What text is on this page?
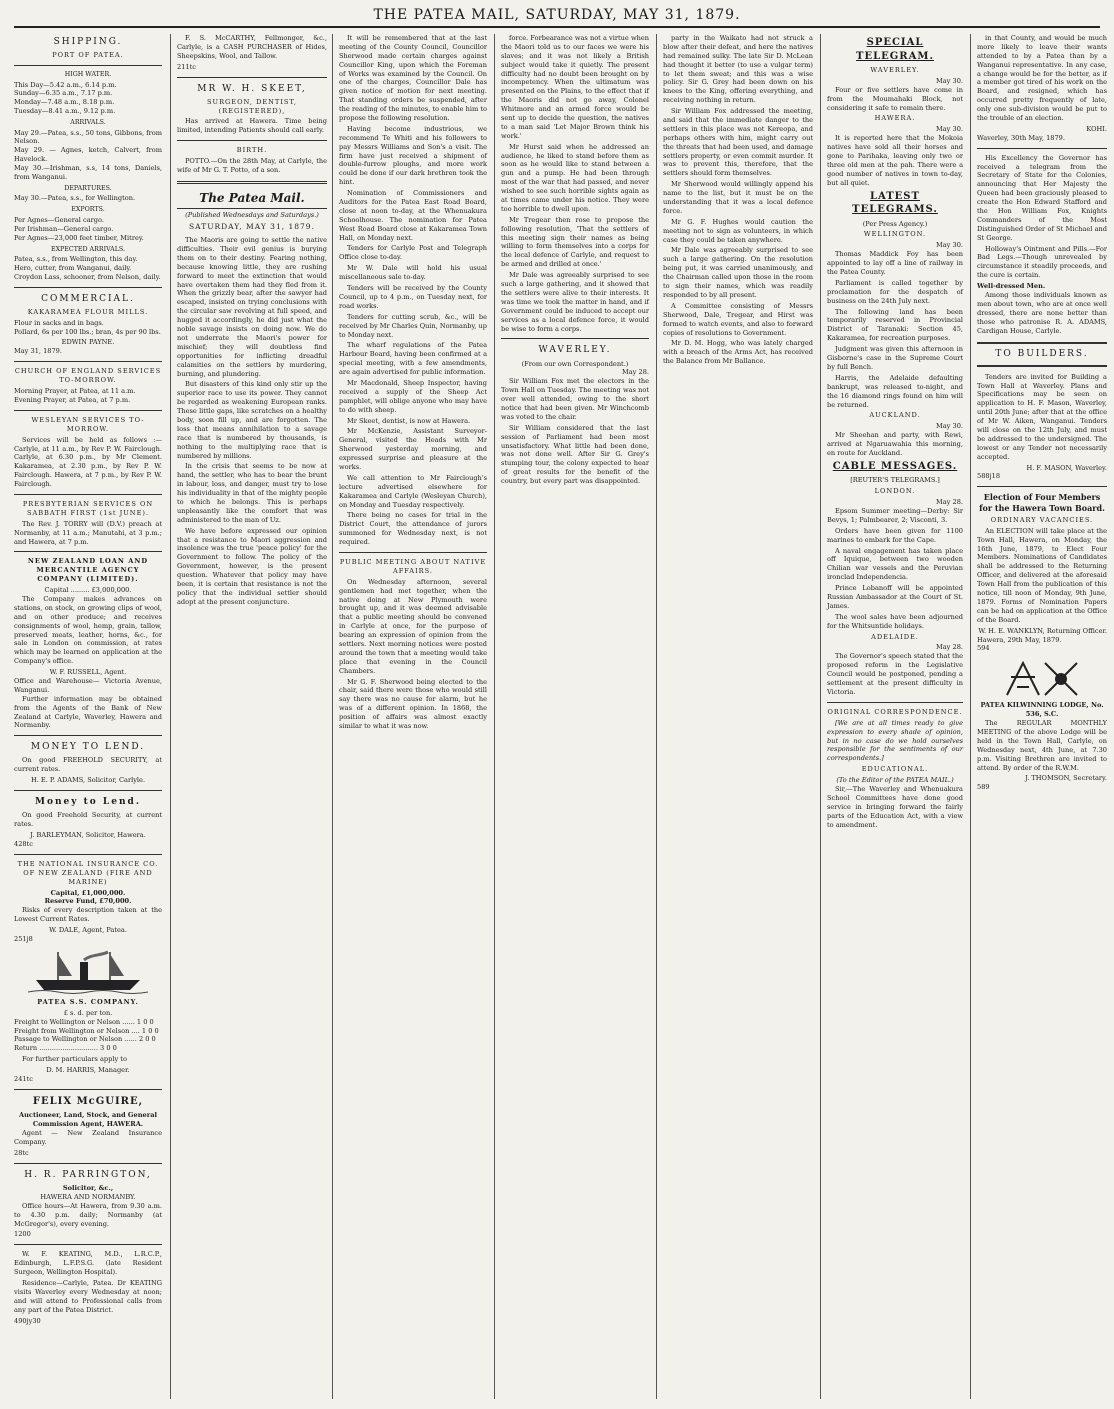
THE PATEA MAIL, SATURDAY, MAY 31, 1879.
SHIPPING.
PORT OF PATEA.
HIGH WATER.

This Day—5.42 a.m., 6.14 p.m.
Sunday—6.35 a.m., 7.17 p.m.
Monday—7.48 a.m., 8.18 p.m.
Tuesday—8.41 a.m., 9.12 p.m.

ARRIVALS.

May 29.—Patea, s.s., 50 tons, Gibbons, from Nelson.
May 29. — Agnes, ketch, Calvert, from Havelock.
May 30.—Irishman, s.s, 14 tons, Daniels, from Wanganui.

DEPARTURES.

May 30.—Patea, s.s., for Wellington.

EXPORTS.

Per Agnes—General cargo.
Per Irishman—General cargo.
Per Agnes—23,000 feet timber, Mitrey.

EXPECTED ARRIVALS.

Patea, s.s., from Wellington, this day.
Hero, cutter, from Wanganui, daily.
Croydon Lass, schooner, from Nelson, daily.

COMMERCIAL.
KAKARAMEA FLOUR MILLS.

Flour in sacks and in bags.
Pollard, 6s per 100 lbs.; bran, 4s per 90 lbs.

EDWIN PAYNE.
May 31, 1879.
CHURCH OF ENGLAND SERVICES TO-MORROW.

Morning Prayer, at Patea, at 11 a.m.
Evening Prayer, at Patea, at 7 p.m.

WESLEYAN SERVICES TO-MORROW.

Services will be held as follows :— Carlyle, at 11 a.m., by Rev P. W. Fairclough. Carlyle, at 6.30 p.m., by Mr Clement. Kakaramea, at 2.30 p.m., by Rev P. W. Fairclough. Hawera, at 7 p.m., by Rev P. W. Fairclough.

PRESBYTERIAN SERVICES ON SABBATH FIRST (1st JUNE).

The Rev. J. TORRY will (D.V.) preach at Normanby, at 11 a.m.; Manutahi, at 3 p.m.; and Hawera, at 7 p.m.

NEW ZEALAND LOAN AND MERCANTILE AGENCY COMPANY (LIMITED).
Capital ......... £3,000,000.

The Company makes advances on stations, on stock, on growing clips of wool, and on other produce; and receives consignments of wool, hemp, grain, tallow, preserved meats, leather, horns, &c., for sale in London on commission, at rates which may be learned on application at the Company's office.

W. F. RUSSELL, Agent.
Office and Warehouse— Victoria Avenue, Wanganui.

Further information may be obtained from the Agents of the Bank of New Zealand at Carlyle, Waverley, Hawera and Normanby.

MONEY TO LEND.

On good FREEHOLD SECURITY, at current rates.

H. E. P. ADAMS, Solicitor, Carlyle.
Money to Lend.

On good Freehold Security, at current rates.

J. BARLEYMAN, Solicitor, Hawera.
428tc
THE NATIONAL INSURANCE CO. OF NEW ZEALAND (FIRE AND MARINE)
Capital, £1,000,000.
Reserve Fund, £70,000.

Risks of every description taken at the Lowest Current Rates.

W. DALE, Agent, Patea.
251j8
PATEA S.S. COMPANY.
£ s. d. per ton.

Freight to Wellington or Nelson ...... 1 0 0
Freight from Wellington or Nelson .... 1 0 0
Passage to Wellington or Nelson ...... 2 0 0
Return ............................ 3 0 0

For further particulars apply to

D. M. HARRIS, Manager.
241tc
FELIX McGUIRE,
Auctioneer, Land, Stock, and General Commission Agent, HAWERA.

Agent — New Zealand Insurance Company.

28tc
H. R. PARRINGTON,
Solicitor, &c.,
HAWERA AND NORMANBY.

Office hours—At Hawera, from 9.30 a.m. to 4.30 p.m. daily; Normanby (at McGregor's), every evening.

1200

W. F. KEATING, M.D., L.R.C.P., Edinburgh, L.F.P.S.G. (late Resident Surgeon, Wellington Hospital).

Residence—Carlyle, Patea. Dr KEATING visits Waverley every Wednesday at noon; and will attend to Professional calls from any part of the Patea District.

490jy30

F. S. McCARTHY, Fellmonger, &c., Carlyle, is a CASH PURCHASER of Hides, Sheepskins, Wool, and Tallow.

211tc
MR W. H. SKEET,
SURGEON, DENTIST, (REGISTERED),

Has arrived at Hawera. Time being limited, intending Patients should call early.

BIRTH.

POTTO.—On the 28th May, at Carlyle, the wife of Mr G. T. Potto, of a son.

The Patea Mail.
(Published Wednesdays and Saturdays.)
SATURDAY, MAY 31, 1879.

The Maoris are going to settle the native difficulties. Their evil genius is burying them on to their destiny. Fearing nothing, because knowing little, they are rushing forward to meet the extinction that would have overtaken them had they fled from it. When the grizzly bear, after the sawyer had escaped, insisted on trying conclusions with the circular saw revolving at full speed, and hugged it accordingly, he did just what the noble savage insists on doing now. We do not underrate the Maori's power for mischief; they will doubtless find opportunities for inflicting dreadful calamities on the settlers by murdering, burning, and plundering.

But disasters of this kind only stir up the superior race to use its power. They cannot be regarded as weakening European ranks. These little gaps, like scratches on a healthy body, soon fill up, and are forgotten. The loss that means annihilation to a savage race that is numbered by thousands, is nothing to the multiplying race that is numbered by millions.

In the crisis that seems to be now at hand, the settler, who has to bear the brunt in labour, loss, and danger, must try to lose his individuality in that of the mighty people to which he belongs. This is perhaps unpleasantly like the comfort that was administered to the man of Uz.

We have before expressed our opinion that a resistance to Maori aggression and insolence was the true 'peace policy' for the Government to follow. The policy of the Government, however, is the present question. Whatever that policy may have been, it is certain that resistance is not the policy that the individual settler should adopt at the present conjuncture.

It will be remembered that at the last meeting of the County Council, Councillor Sherwood made certain charges against Councillor King, upon which the Foreman of Works was examined by the Council. On one of the charges, Councillor Dale has given notice of motion for next meeting. That standing orders be suspended, after the reading of the minutes, to enable him to propose the following resolution.

Having become industrious, we recommend Te Whiti and his followers to pay Messrs Williams and Son's a visit. The firm have just received a shipment of double-furrow ploughs, and more work could be done if our dark brethren took the hint.

Nomination of Commissioners and Auditors for the Patea East Road Board, close at noon to-day, at the Whenuakura Schoolhouse. The nomination for Patea West Road Board close at Kakaramea Town Hall, on Monday next.

Tenders for Carlyle Post and Telegraph Office close to-day.

Mr W. Dale will hold his usual miscellaneous sale to-day.

Tenders will be received by the County Council, up to 4 p.m., on Tuesday next, for road works.

Tenders for cutting scrub, &c., will be received by Mr Charles Quin, Normanby, up to Monday next.

The wharf regulations of the Patea Harbour Board, having been confirmed at a special meeting, with a few amendments, are again advertised for public information.

Mr Macdonald, Sheep Inspector, having received a supply of the Sheep Act pamphlet, will oblige anyone who may have to do with sheep.

Mr Skeet, dentist, is now at Hawera.

Mr McKenzie, Assistant Surveyor-General, visited the Heads with Mr Sherwood yesterday morning, and expressed surprise and pleasure at the works.

We call attention to Mr Fairclough's lecture advertised elsewhere for Kakaramea and Carlyle (Wesleyan Church), on Monday and Tuesday respectively.

There being no cases for trial in the District Court, the attendance of jurors summoned for Wednesday next, is not required.

PUBLIC MEETING ABOUT NATIVE AFFAIRS.

On Wednesday afternoon, several gentlemen had met together, when the native doing at New Plymouth were brought up, and it was deemed advisable that a public meeting should be convened in Carlyle at once, for the purpose of bearing an expression of opinion from the settlers. Next morning notices were posted around the town that a meeting would take place that evening in the Council Chambers.

Mr G. F. Sherwood being elected to the chair, said there were those who would still say there was no cause for alarm, but he was of a different opinion. In 1868, the position of affairs was almost exactly similar to what it was now.

force. Forbearance was not a virtue when the Maori told us to our faces we were his slaves; and it was not likely a British subject would take it quietly. The present difficulty had no doubt been brought on by incompetency. When the ultimatum was presented on the Plains, to the effect that if the Maoris did not go away, Colonel Whitmore and an armed force would be sent up to decide the question, the natives to a man said 'Let Major Brown think his work.'

Mr Hurst said when he addressed an audience, he liked to stand before them as soon as he would like to stand between a gun and a pump. He had been through most of the war that had passed, and never wished to see such horrible sights again as at times came under his notice. They were too horrible to dwell upon.

Mr Tregear then rose to propose the following resolution, 'That the settlers of this meeting sign their names as being willing to form themselves into a corps for the local defence of Carlyle, and request to be armed and drilled at once.'

Mr Dale was agreeably surprised to see such a large gathering, and it showed that the settlers were alive to their interests. It was time we took the matter in hand, and if Government could be induced to accept our services as a local defence force, it would be wise to form a corps.

WAVERLEY.
(From our own Correspondent.)
May 28.

Sir William Fox met the electors in the Town Hall on Tuesday. The meeting was not over well attended, owing to the short notice that had been given. Mr Winchcomb was voted to the chair.

Sir William considered that the last session of Parliament had been most unsatisfactory. What little had been done, was not done well. After Sir G. Grey's stumping tour, the colony expected to hear of great results for the benefit of the country, but every part was disappointed.

party in the Waikato had not struck a blow after their defeat, and here the natives had remained sulky. The late Sir D. McLean had thought it better (to use a vulgar term) to let them sweat; and this was a wise policy. Sir G. Grey had been down on his knees to the King, offering everything, and receiving nothing in return.

Sir William Fox addressed the meeting, and said that the immediate danger to the settlers in this place was not Kereopa, and perhaps others with him, might carry out the threats that had been used, and damage settlers property, or even commit murder. It was to prevent this, therefore, that the settlers should form themselves.

Mr Sherwood would willingly append his name to the list, but it must be on the understanding that it was a local defence force.

Mr G. F. Hughes would caution the meeting not to sign as volunteers, in which case they could be taken anywhere.

Mr Dale was agreeably surprised to see such a large gathering. On the resolution being put, it was carried unanimously, and the Chairman called upon those in the room to sign their names, which was readily responded to by all present.

A Committee consisting of Messrs Sherwood, Dale, Tregear, and Hirst was formed to watch events, and also to forward copies of resolutions to Government.

Mr D. M. Hogg, who was lately charged with a breach of the Arms Act, has received the Balance from Mr Ballance.

SPECIAL TELEGRAM.
WAVERLEY.
May 30.

Four or five settlers have come in from the Moumahaki Block, not considering it safe to remain there.

HAWERA.
May 30.

It is reported here that the Mokoia natives have sold all their horses and gone to Parihaka, leaving only two or three old men at the pah. There were a good number of natives in town to-day, but all quiet.

LATEST TELEGRAMS.
(Per Press Agency.)
WELLINGTON.
May 30.

Thomas Maddick Foy has been appointed to lay off a line of railway in the Patea County.

Parliament is called together by proclamation for the despatch of business on the 24th July next.

The following land has been temporarily reserved in Provincial District of Taranaki: Section 45, Kakaramea, for recreation purposes.

Judgment was given this afternoon in Gisborne's case in the Supreme Court by full Bench.

Harris, the Adelaide defaulting bankrupt, was released to-night, and the 16 diamond rings found on him will be returned.

AUCKLAND.
May 30.

Mr Sheehan and party, with Rewi, arrived at Ngaruawahia this morning, en route for Auckland.

CABLE MESSAGES.
[REUTER'S TELEGRAMS.]
LONDON.
May 28.

Epsom Summer meeting—Derby: Sir Bevys, 1; Palmbearer, 2; Visconti, 3.

Orders have been given for 1100 marines to embark for the Cape.

A naval engagement has taken place off Iquique, between two wooden Chilian war vessels and the Peruvian ironclad Independencia.

Prince Lobanoff will be appointed Russian Ambassador at the Court of St. James.

The wool sales have been adjourned for the Whitsuntide holidays.

ADELAIDE.
May 28.

The Governor's speech stated that the proposed reform in the Legislative Council would be postponed, pending a settlement at the present difficulty in Victoria.

ORIGINAL CORRESPONDENCE.

[We are at all times ready to give expression to every shade of opinion, but in no case do we hold ourselves responsible for the sentiments of our correspondents.]

EDUCATIONAL.
(To the Editor of the PATEA MAIL.)

Sir,—The Waverley and Whenuakura School Committees have done good service in bringing forward the fairly parts of the Education Act, with a view to amendment.

in that County, and would be much more likely to leave their wants attended to by a Patea than by a Wanganui representative. In any case, a change would be for the better, as if a member got tired of his work on the Board, and resigned, which has occurred pretty frequently of late, only one sub-division would be put to the trouble of an election.

KOHI.
Waverley, 30th May, 1879.

His Excellency the Governor has received a telegram from the Secretary of State for the Colonies, announcing that Her Majesty the Queen had been graciously pleased to create the Hon Edward Stafford and the Hon William Fox, Knights Commanders of the Most Distinguished Order of St Michael and St George.

Holloway's Ointment and Pills.—For Bad Legs.—Though unrevealed by circumstance it steadily proceeds, and the cure is certain.

Well-dressed Men.

Among those individuals known as men about town, who are at once well dressed, there are none better than those who patronise R. A. ADAMS, Cardigan House, Carlyle.

TO BUILDERS.

Tenders are invited for Building a Town Hall at Waverley. Plans and Specifications may be seen on application to H. F. Mason, Waverley, until 20th June; after that at the office of Mr W. Aiken, Wanganui. Tenders will close on the 12th July, and must be addressed to the undersigned. The lowest or any Tender not necessarily accepted.

H. F. MASON, Waverley.
588j18
Election of Four Members for the Hawera Town Board.
ORDINARY VACANCIES.

An ELECTION will take place at the Town Hall, Hawera, on Monday, the 16th June, 1879, to Elect Four Members. Nominations of Candidates shall be addressed to the Returning Officer, and delivered at the aforesaid Town Hall from the publication of this notice, till noon of Monday, 9th June, 1879. Forms of Nomination Papers can be had on application at the Office of the Board.

W. H. E. WANKLYN, Returning Officer.
Hawera, 29th May, 1879.
594
PATEA KILWINNING LODGE, No. 536, S.C.

The REGULAR MONTHLY MEETING of the above Lodge will be held in the Town Hall, Carlyle, on Wednesday next, 4th June, at 7.30 p.m. Visiting Brethren are invited to attend. By order of the R.W.M.

J. THOMSON, Secretary.
589
